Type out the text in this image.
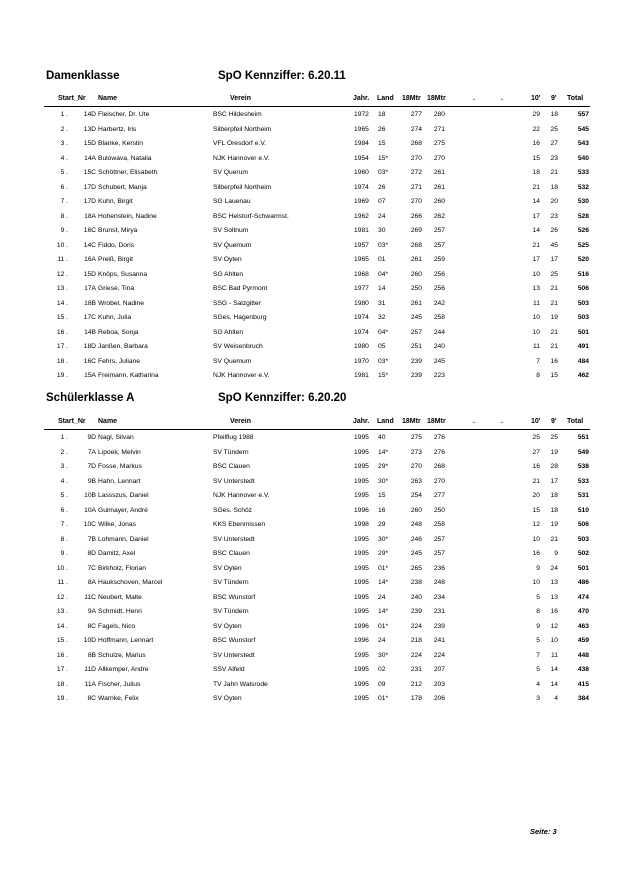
Damenklasse	SpO Kennziffer: 6.20.11
Start_Nr Name	Verein	Jahr. Land 18Mtr 18Mtr	.	.	10' 9' Total
1 .	14D Fleischer, Dr. Ute	BSC Hildesheim	1972 18	277	280	29	18	557
2 .	13D Harbertz, Iris	Silberpfeil Northeim	1965 26	274	271	22	25	545
3 .	15D Blanke, Kerstin	VFL Oresdorf e.V.	1984 15	268	275	16	27	543
4 .	14A Bulowava, Natalia	NJK Hannover e.V.	1954 15*	270	270	15	23	540
5 .	15C Schöttner, Elisabeth	SV Querum	1960 03*	272	261	18	21	533
6 .	17D Schubert, Manja	Silberpfeil Northeim	1974 26	271	261	21	18	532
7 .	17D Kuhn, Birgit	SG Lauenau	1969 07	270	260	14	20	530
8 .	18A Hohenstein, Nadine	BSC Helstorf-Schwarmst.	1962 24	266	262	17	23	528
9 .	16C Brunst, Mirya	SV Soltnum	1981 30	269	257	14	26	526
10 .	14C Fiddo, Doris	SV Quemum	1957 03*	268	257	21	45	525
11 .	16A Preiß, Birgit	SV Oyten	1965 01	261	259	17	17	520
12 .	15D Knöps, Susanna	SG Ahlten	1968 04*	260	256	10	25	516
13 .	17A Griese, Tina	BSC Bad Pyrmont	1977 14	250	256	13	21	506
14 .	18B Wrobel, Nadine	SSG - Salzgitter	1980 31	261	242	11	21	503
15 .	17C Kuhn, Julia	SGes. Hagenburg	1974 32	245	258	10	19	503
16 .	14B Reboa, Sonja	SG Ahlten	1974 04*	257	244	10	21	501
17 .	18D Janßen, Barbara	SV Weisenbruch	1980 05	251	240	11	21	491
18 .	16C Fehrs, Juliane	SV Quemum	1970 03*	239	245	7	16	484
19 .	15A Freimann, Katharina	NJK Hannover e.V.	1981 15*	239	223	8	15	462
Schülerklasse A	SpO Kennziffer: 6.20.20
Start_Nr Name	Verein	Jahr. Land 18Mtr 18Mtr	.	.	10' 9' Total
1 .	9D Nagl, Silvan	Pfeilflug 1988	1995 40	275	276	25	25	551
2 .	7A Lipoek, Melvin	SV Tündern	1995 14*	273	276	27	19	549
3 .	7D Fosse, Markus	BSC Clauen	1995 29*	270	268	16	28	538
4 .	9B Hahn, Lennart	SV Unterstedt	1995 30*	263	270	21	17	533
5 .	10B Lassszus, Daniel	NJK Hannover e.V.	1995 15	254	277	20	18	531
6 .	10A Guimayer, André	SGes. Schöz	1996 16	260	250	15	18	510
7 .	10C Wilke, Jonas	KKS Ebenmissen	1998 29	248	258	12	19	506
8 .	7B Lohmann, Daniel	SV Unterstedt	1995 30*	246	257	10	21	503
9 .	8D Damitz, Axel	BSC Clauen	1995 29*	245	257	16	9	502
10 .	7C Birkholz, Florian	SV Oyten	1995 01*	265	236	9	24	501
11 .	8A Haukschoven, Marcel	SV Tündern	1995 14*	238	248	10	13	486
12 .	11C Neubert, Malte	BSC Wunstorf	1995 24	240	234	5	13	474
13 .	9A Schmidt, Henri	SV Tündern	1995 14*	239	231	8	16	470
14 .	8C Fagels, Nico	SV Oyten	1996 01*	224	239	9	12	463
15 .	10D Hoffmann, Lennart	BSC Wunstorf	1996 24	218	241	5	10	459
16 .	8B Schulze, Marius	SV Unterstedt	1995 30*	224	224	7	11	448
17 .	11D Allkemper, Andre	SSV Alfeld	1995 02	231	207	5	14	438
18 .	11A Fischer, Julius	TV Jahn Walsrode	1995 09	212	203	4	14	415
19 .	8C Warnke, Felix	SV Oyten	1995 01*	178	206	3	4	384
Seite: 3
